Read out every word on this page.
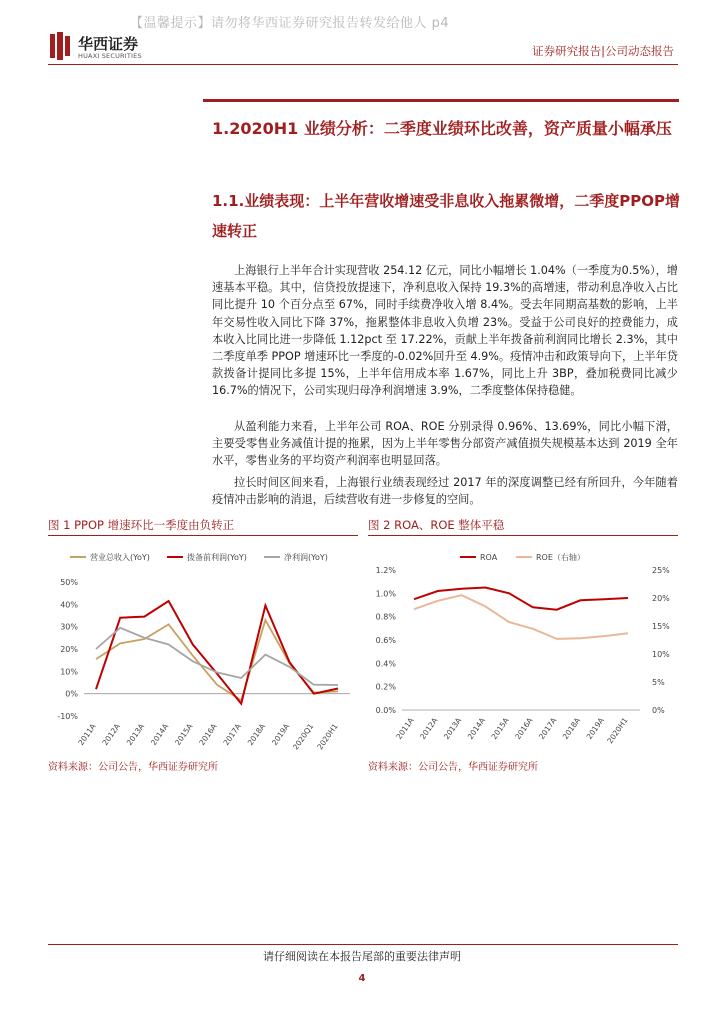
【温馨提示】请勿将华西证券研究报告转发给他人 p4
华西证券
HUAXI SECURITIES	证券研究报告|公司动态报告
1.2020H1 业绩分析：二季度业绩环比改善，资产质量小幅承压
1.1.业绩表现：上半年营收增速受非息收入拖累微增，二季度PPOP增速转正
上海银行上半年合计实现营收 254.12 亿元，同比小幅增长 1.04%（一季度为0.5%），增速基本平稳。其中，信贷投放提速下，净利息收入保持 19.3%的高增速，带动利息净收入占比同比提升 10 个百分点至 67%，同时手续费净收入增 8.4%。受去年同期高基数的影响，上半年交易性收入同比下降 37%，拖累整体非息收入负增 23%。受益于公司良好的控费能力，成本收入比同比进一步降低 1.12pct 至 17.22%，贡献上半年拨备前利润同比增长 2.3%，其中二季度单季 PPOP 增速环比一季度的-0.02%回升至 4.9%。疫情冲击和政策导向下，上半年贷款拨备计提同比多提 15%，上半年信用成本率 1.67%，同比上升 3BP，叠加税费同比减少 16.7%的情况下，公司实现归母净利润增速 3.9%，二季度整体保持稳健。
从盈利能力来看，上半年公司 ROA、ROE 分别录得 0.96%、13.69%，同比小幅下滑，主要受零售业务减值计提的拖累，因为上半年零售分部资产减值损失规模基本达到 2019 全年水平，零售业务的平均资产利润率也明显回落。
拉长时间区间来看，上海银行业绩表现经过 2017 年的深度调整已经有所回升，今年随着疫情冲击影响的消退，后续营收有进一步修复的空间。
图 1 PPOP 增速环比一季度由负转正	图 2 ROA、ROE 整体平稳
营业总收入(YoY)	拨备前利润(YoY)	净利润(YoY)
50%
40%
30%
20%
10%
0%
-10%
2011A 2012A 2013A 2014A 2015A 2016A 2017A 2018A 2019A 2020Q1 2020H1
ROA	ROE（右轴）
1.2%
1.0%
0.8%
0.6%
0.4%
0.2%
0.0%
25%
20%
15%
10%
5%
0%
2011A 2012A 2013A 2014A 2015A 2016A 2017A 2018A 2019A 2020H1
资料来源：公司公告，华西证券研究所	资料来源：公司公告，华西证券研究所
请仔细阅读在本报告尾部的重要法律声明
4
